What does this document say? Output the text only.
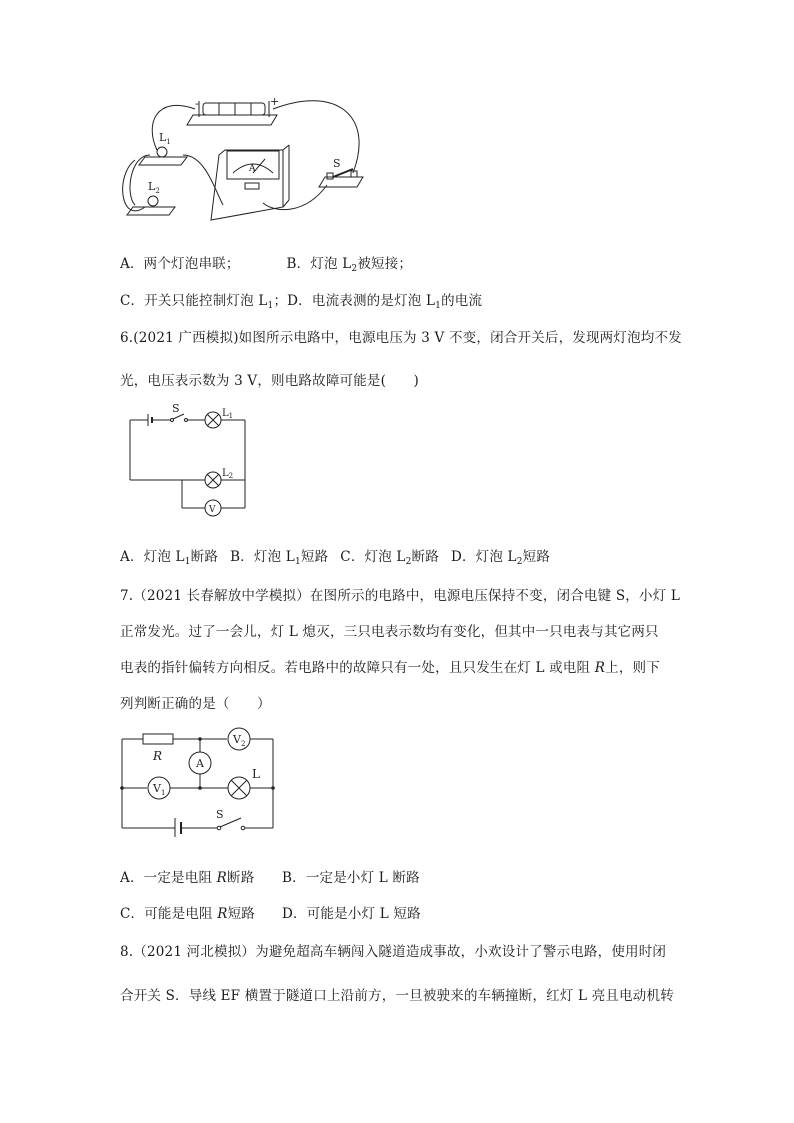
-	+
$L_1$
$L_2$
S
A
A．两个灯泡串联；	B．灯泡 $L_2$被短接；
C．开关只能控制灯泡 $L_1$；D．电流表测的是灯泡 $L_1$的电流
6.(2021 广西模拟)如图所示电路中，电源电压为 3 V 不变，闭合开关后，发现两灯泡均不发
光，电压表示数为 3 V，则电路故障可能是(　　)
S	$L_1$
$L_2$
V
A．灯泡 $L_1$断路 B．灯泡 $L_1$短路 C．灯泡 $L_2$断路 D．灯泡 $L_2$短路
7.（2021 长春解放中学模拟）在图所示的电路中，电源电压保持不变，闭合电键 S，小灯 L
正常发光。过了一会儿，灯 L 熄灭，三只电表示数均有变化，但其中一只电表与其它两只
电表的指针偏转方向相反。若电路中的故障只有一处，且只发生在灯 L 或电阻 R上，则下
列判断正确的是（　　）
R
$V_2$
A
L
$V_1$
S
A．一定是电阻 R断路 B．一定是小灯 L 断路
C．可能是电阻 R短路 D．可能是小灯 L 短路
8.（2021 河北模拟）为避免超高车辆闯入隧道造成事故，小欢设计了警示电路，使用时闭
合开关 S．导线 EF 横置于隧道口上沿前方，一旦被驶来的车辆撞断，红灯 L 亮且电动机转
